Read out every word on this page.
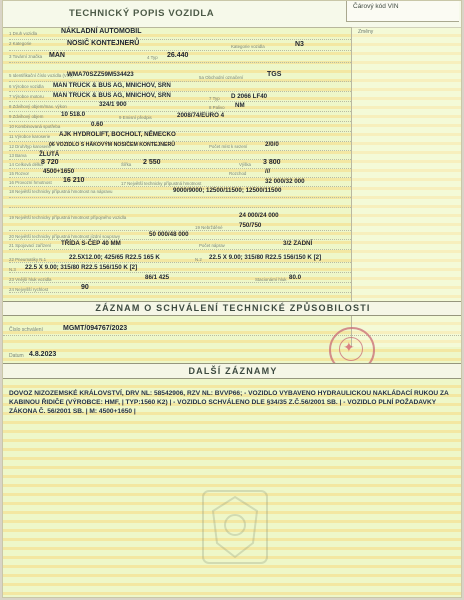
TECHNICKÝ POPIS VOZIDLA
Čárový kód VIN
Změny
1 Druh vozidla	NÁKLADNÍ AUTOMOBIL
2 Kategorie	NOSIČ KONTEJNERŮ	Kategorie vozidla	N3
3 Tovární značka MAN	4 Typ 26.440
5 Identifikační číslo vozidla (VIN)
WMA70SZZ59M534423	5a Obchodní označení	TGS
6 Výrobce vozidla MAN TRUCK & BUS AG, MNICHOV, SRN
7 Výrobce motoru MAN TRUCK & BUS AG, MNICHOV, SRN	7 Typ D 2066 LF40
8 Zdvihový objem/max. výkon	324/1 900	8 Palivo NM
9 Zdvihový objem	10 518.0	9 Emisní předpis	2008/74/EURO 4
10 Kombinovaná spotřeba	0.60
11 Výrobce karoserie AJK HYDROLIFT, BOCHOLT, NĚMECKO
12 Druh/typ karoserie
06 VOZIDLO S HÁKOVÝM NOSIČEM KONTEJNERŮ	Počet míst k sezení	2/0/0
13 Barva ŽLUTÁ
14 Celková délka
8 720	Šířka 2 550	Výška 3 800
15 Rozvor 4500+1650	Rozchod	///
16 Provozní hmotnost 16 210	17 Největší technicky přípustná hmotnost	32 000/32 000
18 Největší technicky přípustná hmotnost na nápravu	9000/9000; 12500/11500; 12500/11500
19 Největší technicky přípustná hmotnost přípojného vozidla	24 000/24 000
19 Nebržděné	750/750
20 Největší technicky přípustná hmotnost jízdní soupravy	50 000/48 000
21 Spojovací zařízení TŘÍDA S-ČEP 40 MM	Počet náprav	3/2 ZADNÍ
22 Pneumatiky N.1	22.5X12.00; 425/65 R22.5 165 K	N.2 22.5 X 9.00; 315/80 R22.5 156/150 K [2]
N.3 22.5 X 9.00; 315/80 R22.5 156/150 K [2]
23 Vnější hluk vozidla	86/1 425	Stacionární hluk 80.0
24 Nejvyšší rychlost	90
ZÁZNAM O SCHVÁLENÍ TECHNICKÉ ZPŮSOBILOSTI
Číslo schválení	MGMT/094767/2023
Datum 4.8.2023	✦
DALŠÍ ZÁZNAMY
DOVOZ NIZOZEMSKÉ KRÁLOVSTVÍ, DRV NL: 58542906, RZV NL: BVVP66; - VOZIDLO VYBAVENO HYDRAULICKOU NAKLÁDACÍ RUKOU ZA KABINOU ŘIDIČE (VÝROBCE: HMF, | TYP:1560 K2) | - VOZIDLO SCHVÁLENO DLE §34/35 Z.Č.56/2001 SB. | - VOZIDLO PLNÍ POŽADAVKY ZÁKONA Č. 56/2001 SB. | M: 4500+1650 |
